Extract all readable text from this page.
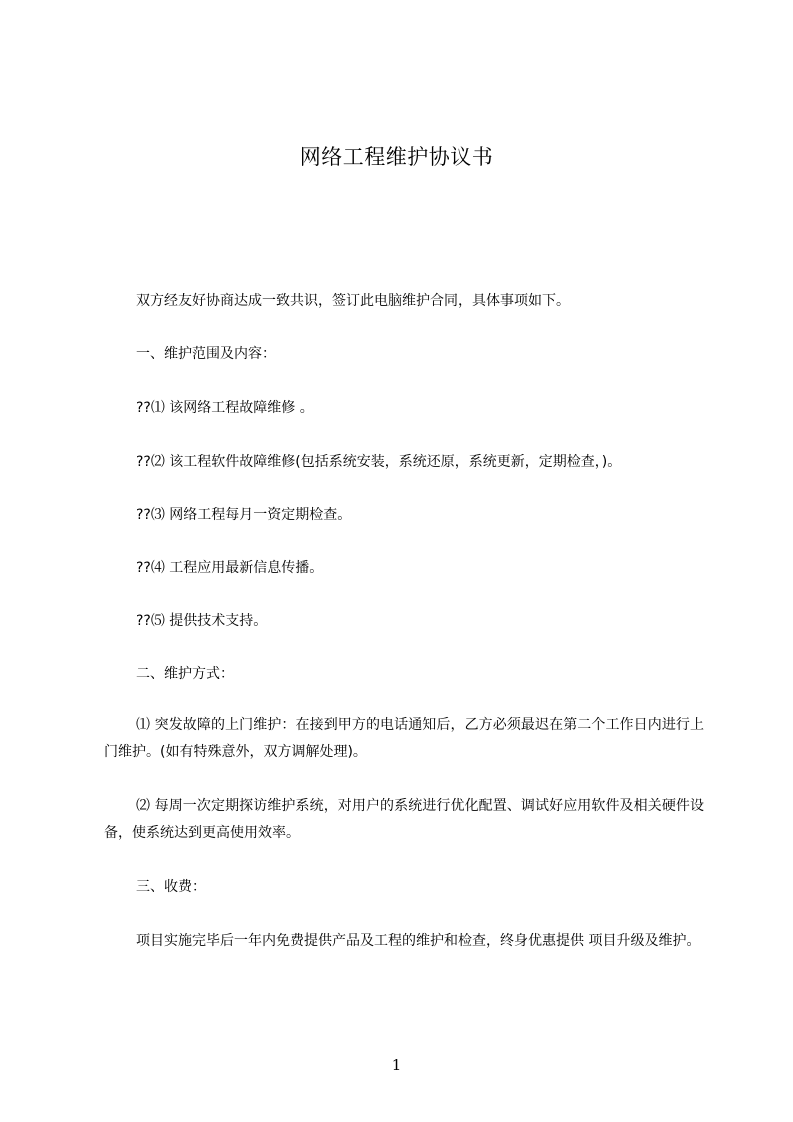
网络工程维护协议书
双方经友好协商达成一致共识，签订此电脑维护合同，具体事项如下。
一、维护范围及内容：
??⑴ 该网络工程故障维修 。
??⑵ 该工程软件故障维修(包括系统安装，系统还原，系统更新，定期检查，)。
??⑶ 网络工程每月一资定期检查。
??⑷ 工程应用最新信息传播。
??⑸ 提供技术支持。
二、维护方式：
⑴ 突发故障的上门维护：在接到甲方的电话通知后，乙方必须最迟在第二个工作日内进行上门维护。(如有特殊意外，双方调解处理)。
⑵ 每周一次定期探访维护系统，对用户的系统进行优化配置、调试好应用软件及相关硬件设备，使系统达到更高使用效率。
三、收费：
项目实施完毕后一年内免费提供产品及工程的维护和检查，终身优惠提供 项目升级及维护。
1
